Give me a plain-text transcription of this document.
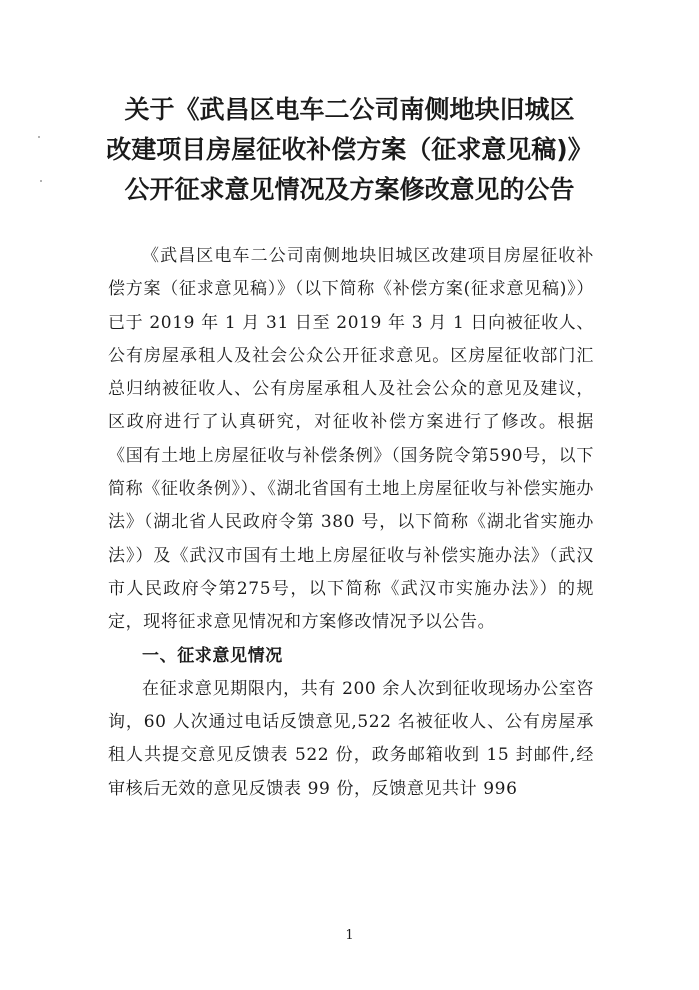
关于《武昌区电车二公司南侧地块旧城区
改建项目房屋征收补偿方案（征求意见稿)》
公开征求意见情况及方案修改意见的公告

《武昌区电车二公司南侧地块旧城区改建项目房屋征收补偿方案（征求意见稿）》（以下简称《补偿方案(征求意见稿)》）已于 2019 年 1 月 31 日至 2019 年 3 月 1 日向被征收人、公有房屋承租人及社会公众公开征求意见。区房屋征收部门汇总归纳被征收人、公有房屋承租人及社会公众的意见及建议，区政府进行了认真研究，对征收补偿方案进行了修改。根据《国有土地上房屋征收与补偿条例》（国务院令第590号，以下简称《征收条例》）、《湖北省国有土地上房屋征收与补偿实施办法》（湖北省人民政府令第 380 号，以下简称《湖北省实施办法》）及《武汉市国有土地上房屋征收与补偿实施办法》（武汉市人民政府令第275号，以下简称《武汉市实施办法》）的规定，现将征求意见情况和方案修改情况予以公告。

一、征求意见情况

在征求意见期限内，共有 200 余人次到征收现场办公室咨询，60 人次通过电话反馈意见,522 名被征收人、公有房屋承租人共提交意见反馈表 522 份，政务邮箱收到 15 封邮件,经审核后无效的意见反馈表 99 份，反馈意见共计 996

1
